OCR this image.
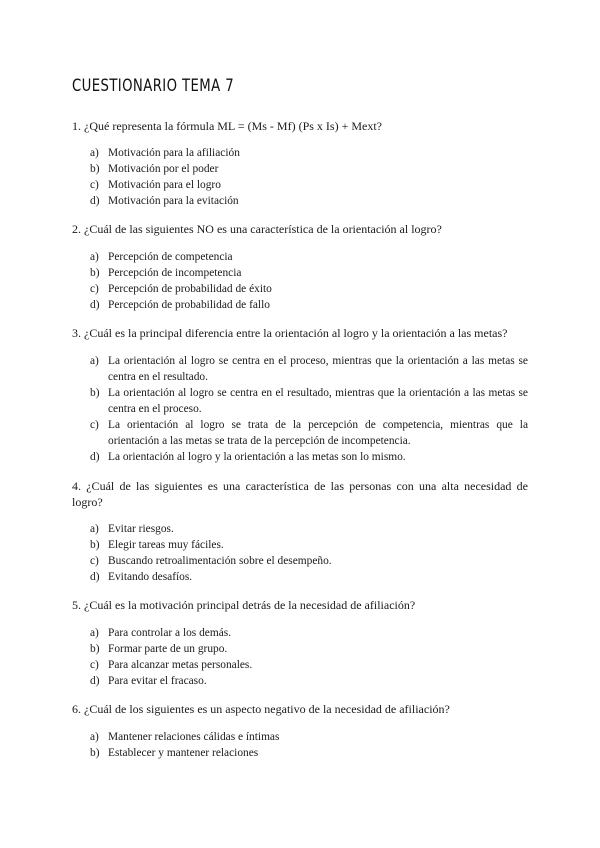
CUESTIONARIO TEMA 7

1. ¿Qué representa la fórmula ML = (Ms - Mf) (Ps x Is) + Mext?

a) Motivación para la afiliación
b) Motivación por el poder
c) Motivación para el logro
d) Motivación para la evitación

2. ¿Cuál de las siguientes NO es una característica de la orientación al logro?

a) Percepción de competencia
b) Percepción de incompetencia
c) Percepción de probabilidad de éxito
d) Percepción de probabilidad de fallo

3. ¿Cuál es la principal diferencia entre la orientación al logro y la orientación a las metas?

a) La orientación al logro se centra en el proceso, mientras que la orientación a las metas se centra en el resultado.
b) La orientación al logro se centra en el resultado, mientras que la orientación a las metas se centra en el proceso.
c) La orientación al logro se trata de la percepción de competencia, mientras que la orientación a las metas se trata de la percepción de incompetencia.
d) La orientación al logro y la orientación a las metas son lo mismo.

4. ¿Cuál de las siguientes es una característica de las personas con una alta necesidad de logro?

a) Evitar riesgos.
b) Elegir tareas muy fáciles.
c) Buscando retroalimentación sobre el desempeño.
d) Evitando desafíos.

5. ¿Cuál es la motivación principal detrás de la necesidad de afiliación?

a) Para controlar a los demás.
b) Formar parte de un grupo.
c) Para alcanzar metas personales.
d) Para evitar el fracaso.

6. ¿Cuál de los siguientes es un aspecto negativo de la necesidad de afiliación?

a) Mantener relaciones cálidas e íntimas
b) Establecer y mantener relaciones
